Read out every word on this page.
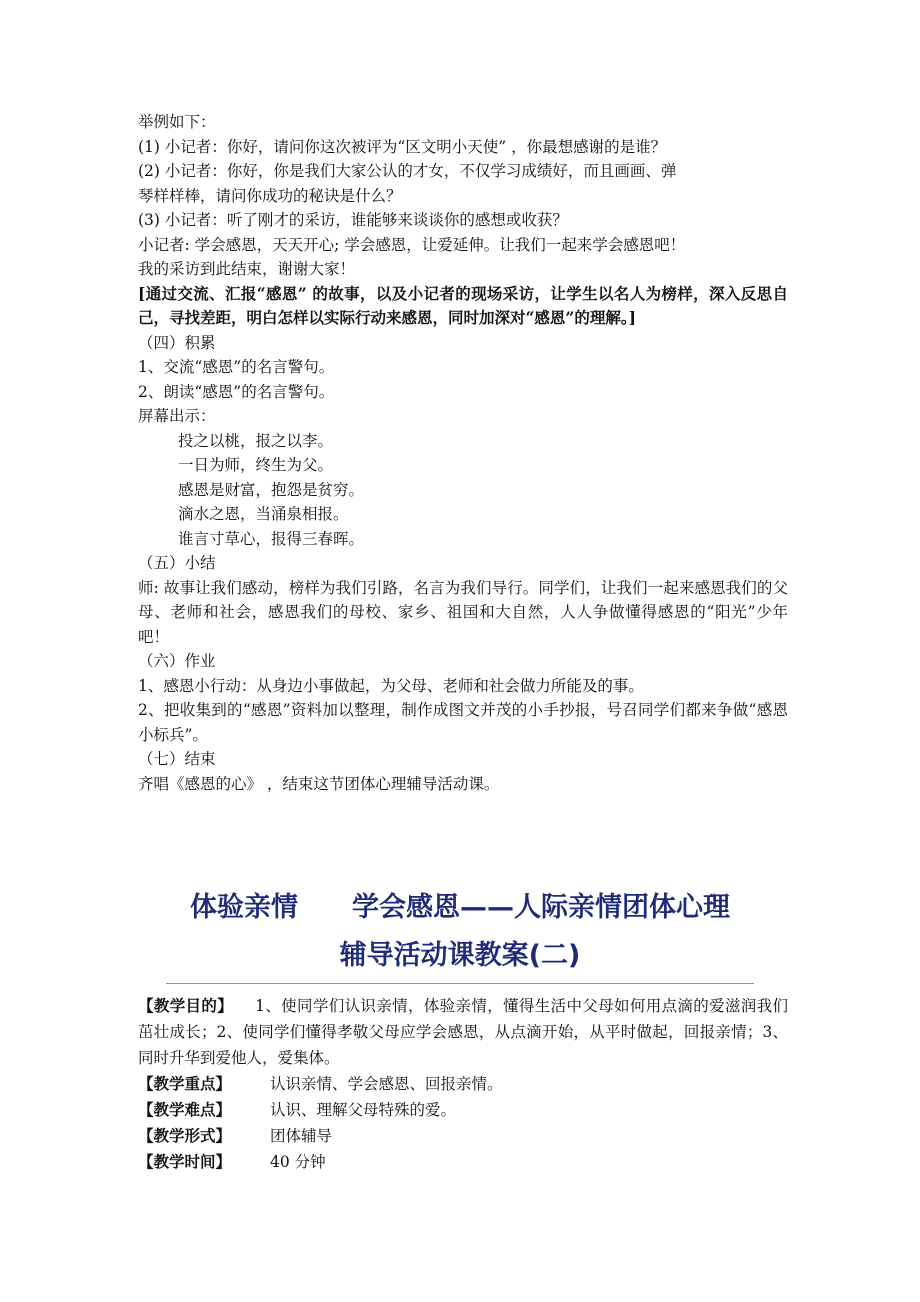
举例如下：

(1) 小记者：你好，请问你这次被评为“区文明小天使” ，你最想感谢的是谁？

(2) 小记者：你好，你是我们大家公认的才女，不仅学习成绩好，而且画画、弹

琴样样棒，请问你成功的秘诀是什么？

(3) 小记者：听了刚才的采访，谁能够来谈谈你的感想或收获？

小记者: 学会感恩，天天开心; 学会感恩，让爱延伸。让我们一起来学会感恩吧！

我的采访到此结束，谢谢大家！

[通过交流、汇报“感恩” 的故事，以及小记者的现场采访，让学生以名人为榜样，深入反思自己，寻找差距，明白怎样以实际行动来感恩，同时加深对“感恩”的理解。]

（四）积累

1、交流“感恩”的名言警句。

2、朗读“感恩”的名言警句。

屏幕出示：

投之以桃，报之以李。

一日为师，终生为父。

感恩是财富，抱怨是贫穷。

滴水之恩，当涌泉相报。

谁言寸草心，报得三春晖。

（五）小结

师: 故事让我们感动，榜样为我们引路，名言为我们导行。同学们，让我们一起来感恩我们的父母、老师和社会，感恩我们的母校、家乡、祖国和大自然，人人争做懂得感恩的“阳光”少年吧！

（六）作业

1、感恩小行动：从身边小事做起，为父母、老师和社会做力所能及的事。

2、把收集到的“感恩”资料加以整理，制作成图文并茂的小手抄报，号召同学们都来争做“感恩小标兵”。

（七）结束

齐唱《感恩的心》 ，结束这节团体心理辅导活动课。

体验亲情　　学会感恩——人际亲情团体心理

辅导活动课教案(二)

【教学目的】 1、使同学们认识亲情，体验亲情，懂得生活中父母如何用点滴的爱滋润我们茁壮成长；2、使同学们懂得孝敬父母应学会感恩，从点滴开始，从平时做起，回报亲情；3、同时升华到爱他人，爱集体。
【教学重点】	认识亲情、学会感恩、回报亲情。
【教学难点】	认识、理解父母特殊的爱。
【教学形式】	团体辅导
【教学时间】	40 分钟
